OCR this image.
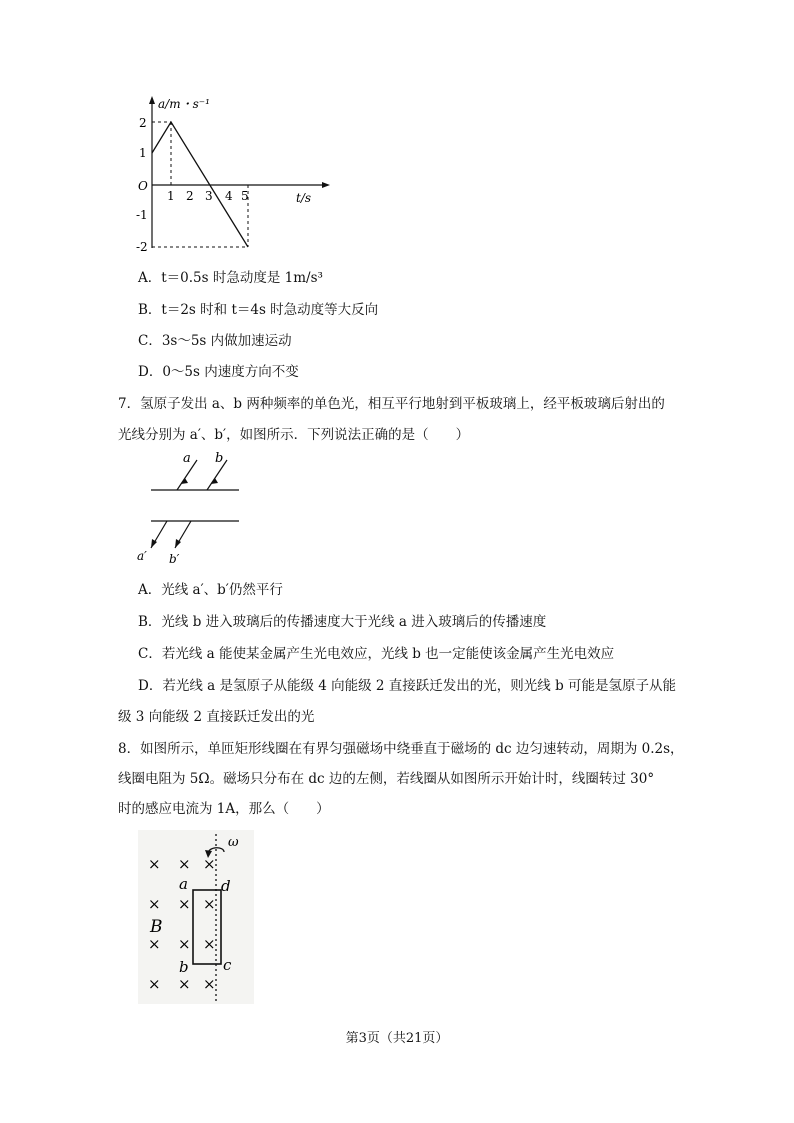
a/m・s⁻¹
t/s
O
1 2 3 4 5
2
1
-1
-2
A．t＝0.5s 时急动度是 1m/s³
B．t＝2s 时和 t＝4s 时急动度等大反向
C．3s～5s 内做加速运动
D．0～5s 内速度方向不变
7．氢原子发出 a、b 两种频率的单色光，相互平行地射到平板玻璃上，经平板玻璃后射出的
光线分别为 a′、b′，如图所示．下列说法正确的是（　　）
a b
a′ b′
A．光线 a′、b′仍然平行
B．光线 b 进入玻璃后的传播速度大于光线 a 进入玻璃后的传播速度
C．若光线 a 能使某金属产生光电效应，光线 b 也一定能使该金属产生光电效应
D．若光线 a 是氢原子从能级 4 向能级 2 直接跃迁发出的光，则光线 b 可能是氢原子从能
级 3 向能级 2 直接跃迁发出的光
8．如图所示，单匝矩形线圈在有界匀强磁场中绕垂直于磁场的 dc 边匀速转动，周期为 0.2s，
线圈电阻为 5Ω。磁场只分布在 dc 边的左侧，若线圈从如图所示开始计时，线圈转过 30°
时的感应电流为 1A，那么（　　）
ω
a d
b c
B
× × ×
× × ×
× × ×
× × ×
第3页（共21页）
